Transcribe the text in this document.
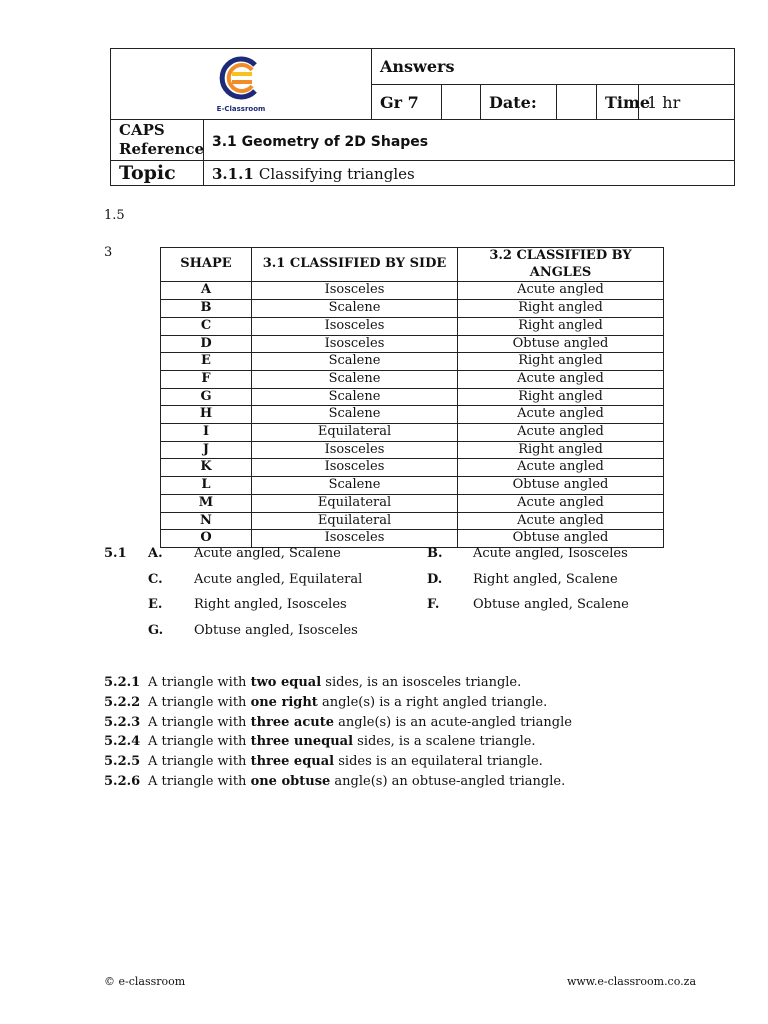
E-Classroom		Answers					
		Gr 7		Date:		Time	1 hr

CAPS Reference	3.1 Geometry of 2D Shapes						
Topic	3.1.1 Classifying triangles						
1.5
3
SHAPE	3.1 CLASSIFIED BY SIDE	3.2 CLASSIFIED BY ANGLES
A	Isosceles	Acute angled
B	Scalene	Right angled
C	Isosceles	Right angled
D	Isosceles	Obtuse angled
E	Scalene	Right angled
F	Scalene	Acute angled
G	Scalene	Right angled
H	Scalene	Acute angled
I	Equilateral	Acute angled
J	Isosceles	Right angled
K	Isosceles	Acute angled
L	Scalene	Obtuse angled
M	Equilateral	Acute angled
N	Equilateral	Acute angled
O	Isosceles	Obtuse angled
5.1 A. Acute angled, Scalene	B. Acute angled, Isosceles
C. Acute angled, Equilateral	D. Right angled, Scalene
E. Right angled, Isosceles	F.	Obtuse angled, Scalene
G. Obtuse angled, Isosceles
5.2.1 A triangle with two equal sides, is an isosceles triangle.
5.2.2 A triangle with one right angle(s) is a right angled triangle.
5.2.3 A triangle with three acute angle(s) is an acute-angled triangle
5.2.4 A triangle with three unequal sides, is a scalene triangle.
5.2.5 A triangle with three equal sides is an equilateral triangle.
5.2.6 A triangle with one obtuse angle(s) an obtuse-angled triangle.
© e-classroom	www.e-classroom.co.za
